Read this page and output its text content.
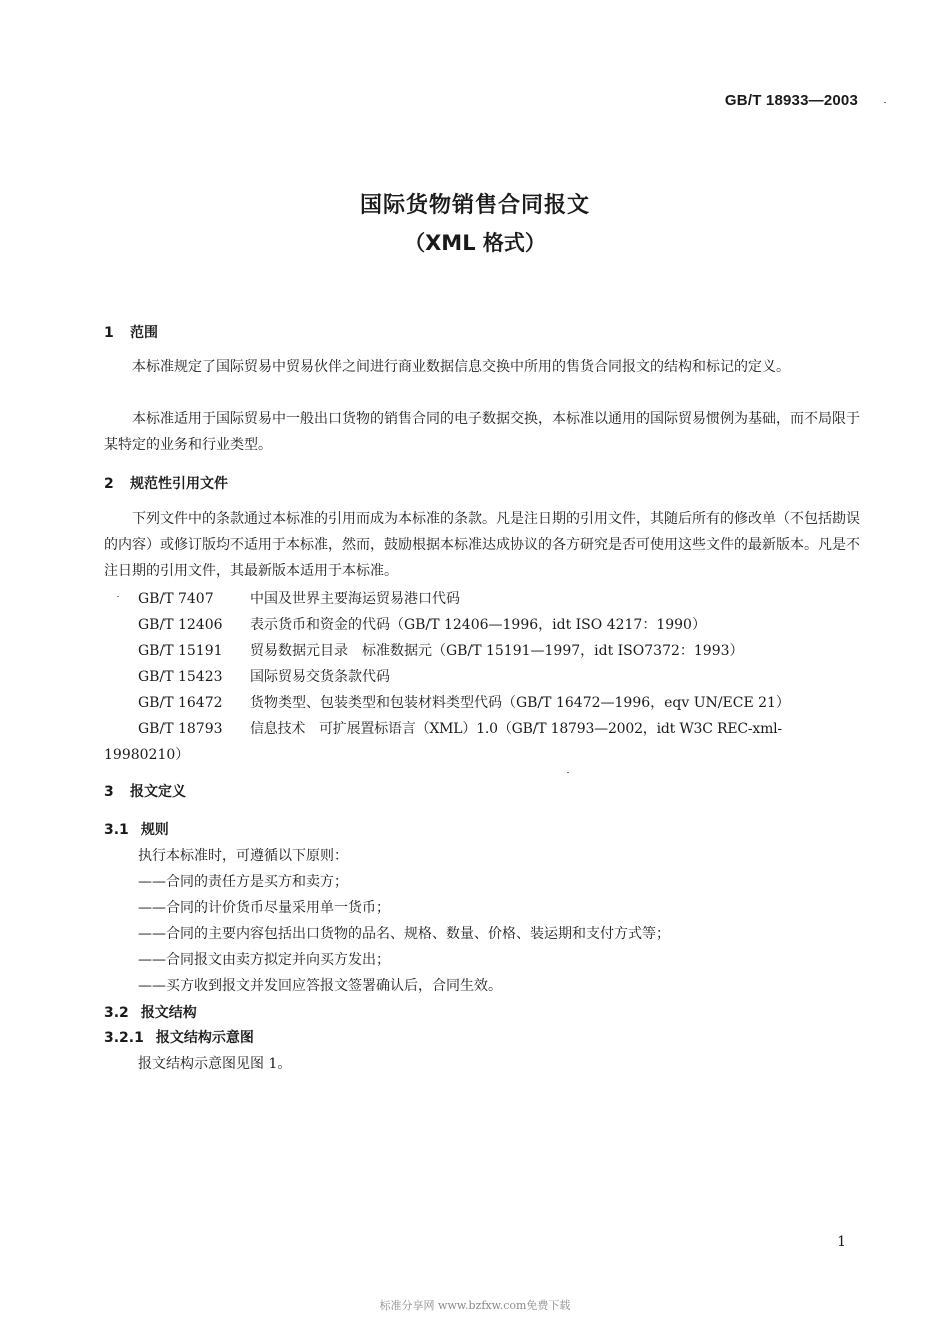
GB/T 18933—2003
国际货物销售合同报文
（XML 格式）
1 范围
本标准规定了国际贸易中贸易伙伴之间进行商业数据信息交换中所用的售货合同报文的结构和标记的定义。
本标准适用于国际贸易中一般出口货物的销售合同的电子数据交换，本标准以通用的国际贸易惯例为基础，而不局限于某特定的业务和行业类型。
2 规范性引用文件
下列文件中的条款通过本标准的引用而成为本标准的条款。凡是注日期的引用文件，其随后所有的修改单（不包括勘误的内容）或修订版均不适用于本标准，然而，鼓励根据本标准达成协议的各方研究是否可使用这些文件的最新版本。凡是不注日期的引用文件，其最新版本适用于本标准。
GB/T 7407	中国及世界主要海运贸易港口代码
GB/T 12406 表示货币和资金的代码（GB/T 12406—1996，idt ISO 4217：1990）
GB/T 15191 贸易数据元目录　标准数据元（GB/T 15191—1997，idt ISO7372：1993）
GB/T 15423 国际贸易交货条款代码
GB/T 16472 货物类型、包装类型和包装材料类型代码（GB/T 16472—1996，eqv UN/ECE 21）
GB/T 18793 信息技术　可扩展置标语言（XML）1.0（GB/T 18793—2002，idt W3C REC-xml-
19980210）
3 报文定义
3.1 规则
执行本标准时，可遵循以下原则：
——合同的责任方是买方和卖方；
——合同的计价货币尽量采用单一货币；
——合同的主要内容包括出口货物的品名、规格、数量、价格、装运期和支付方式等；
——合同报文由卖方拟定并向买方发出；
——买方收到报文并发回应答报文签署确认后，合同生效。
3.2 报文结构
3.2.1 报文结构示意图
报文结构示意图见图 1。
1
标准分享网 www.bzfxw.com免费下载
